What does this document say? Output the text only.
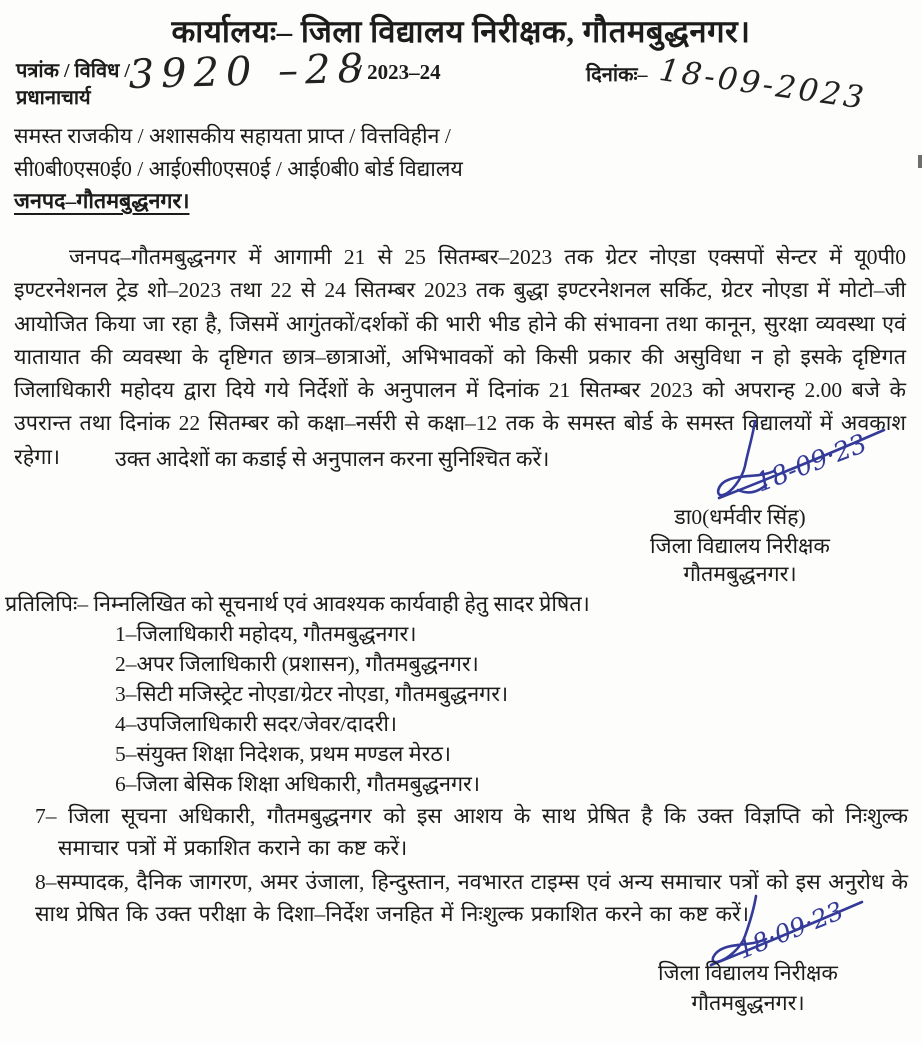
कार्यालयः– जिला विद्यालय निरीक्षक, गौतमबुद्धनगर।
पत्रांक / विविध /
प्रधानाचार्य
3920 –28
/ 2023–24	दिनांकः– 18-09-2023
समस्त राजकीय / अशासकीय सहायता प्राप्त / वित्तविहीन /
सी0बी0एस0ई0 / आई0सी0एस0ई / आई0बी0 बोर्ड विद्यालय
जनपद–गौतमबुद्धनगर।
जनपद–गौतमबुद्धनगर में आगामी 21 से 25 सितम्बर–2023 तक ग्रेटर नोएडा एक्सपों सेन्टर में यू0पी0 इण्टरनेशनल ट्रेड शो–2023 तथा 22 से 24 सितम्बर 2023 तक बुद्धा इण्टरनेशनल सर्किट, ग्रेटर नोएडा में मोटो–जी आयोजित किया जा रहा है, जिसमें आगुंतकों/दर्शकों की भारी भीड होने की संभावना तथा कानून, सुरक्षा व्यवस्था एवं यातायात की व्यवस्था के दृष्टिगत छात्र–छात्राओं, अभिभावकों को किसी प्रकार की असुविधा न हो इसके दृष्टिगत जिलाधिकारी महोदय द्वारा दिये गये निर्देशों के अनुपालन में दिनांक 21 सितम्बर 2023 को अपरान्ह 2.00 बजे के उपरान्त तथा दिनांक 22 सितम्बर को कक्षा–नर्सरी से कक्षा–12 तक के समस्त बोर्ड के समस्त विद्यालयों में अवकाश रहेगा।	उक्त आदेशों का कडाई से अनुपालन करना सुनिश्चित करें।	18-09·23
डा0(धर्मवीर सिंह)
जिला विद्यालय निरीक्षक
गौतमबुद्धनगर।
प्रतिलिपिः– निम्नलिखित को सूचनार्थ एवं आवश्यक कार्यवाही हेतु सादर प्रेषित।
1–जिलाधिकारी महोदय, गौतमबुद्धनगर।
2–अपर जिलाधिकारी (प्रशासन), गौतमबुद्धनगर।
3–सिटी मजिस्ट्रेट नोएडा/ग्रेटर नोएडा, गौतमबुद्धनगर।
4–उपजिलाधिकारी सदर/जेवर/दादरी।
5–संयुक्त शिक्षा निदेशक, प्रथम मण्डल मेरठ।
6–जिला बेसिक शिक्षा अधिकारी, गौतमबुद्धनगर।
7– जिला सूचना अधिकारी, गौतमबुद्धनगर को इस आशय के साथ प्रेषित है कि उक्त विज्ञप्ति को निःशुल्क समाचार पत्रों में प्रकाशित कराने का कष्ट करें।
8–सम्पादक, दैनिक जागरण, अमर उंजाला, हिन्दुस्तान, नवभारत टाइम्स एवं अन्य समाचार पत्रों को इस अनुरोध के साथ प्रेषित कि उक्त परीक्षा के दिशा–निर्देश जनहित में निःशुल्क प्रकाशित करने का कष्ट करें।
18·09·23
जिला विद्यालय निरीक्षक
गौतमबुद्धनगर।
